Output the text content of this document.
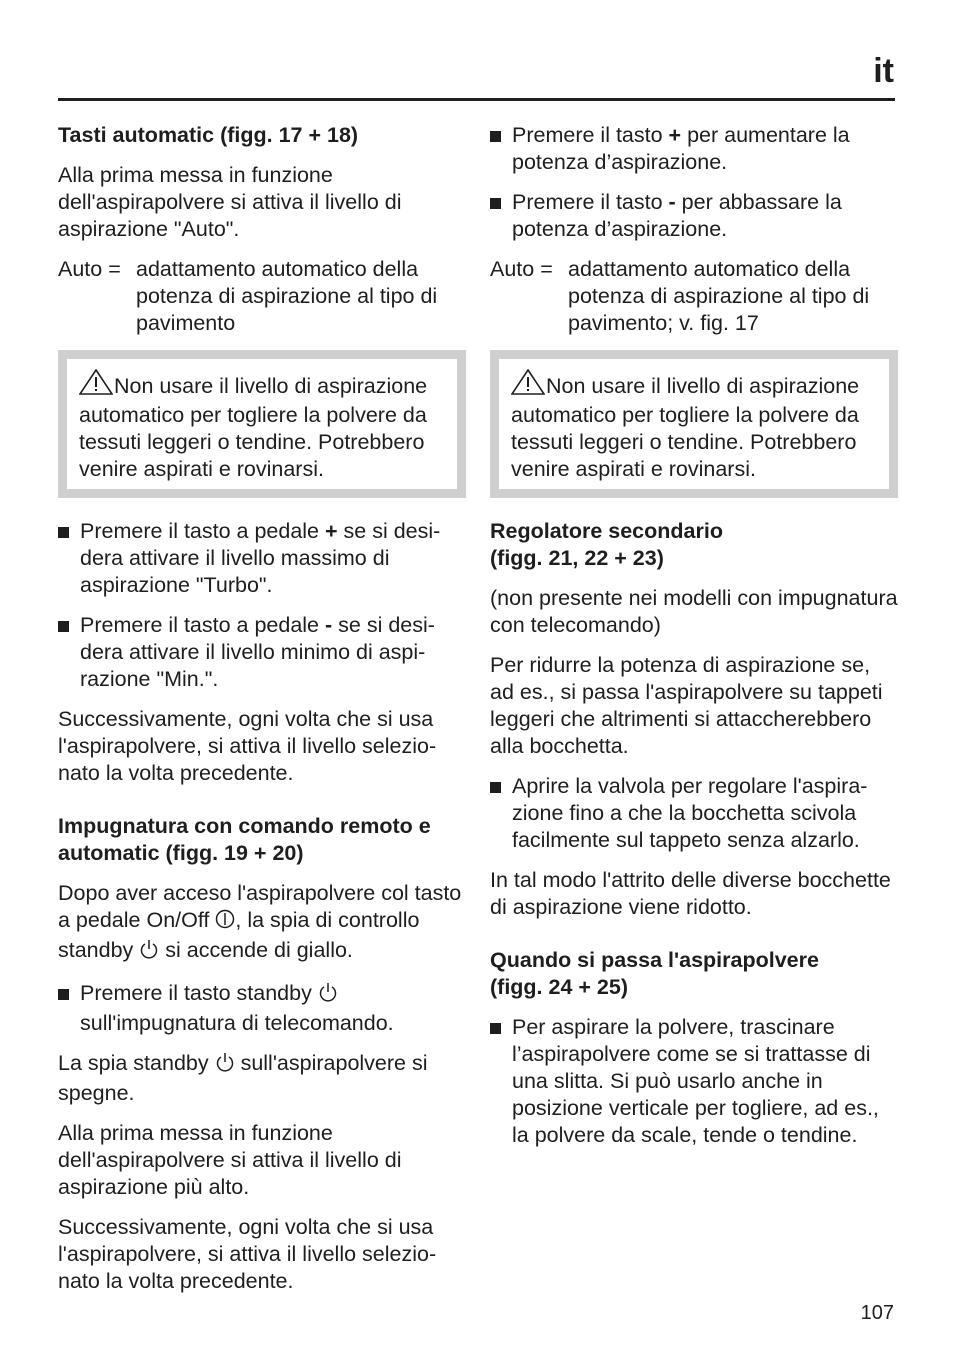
it
Tasti automatic (figg. 17 + 18)

Alla prima messa in funzione dell'aspirapolvere si attiva il livello di aspirazione "Auto".

Auto = adattamento automatico della potenza di aspirazione al tipo di pavimento
Non usare il livello di aspirazione automatico per togliere la polvere da tessuti leggeri o tendine. Potrebbero venire aspirati e rovinarsi.
Premere il tasto a pedale + se si desidera attivare il livello massimo di aspirazione "Turbo".
Premere il tasto a pedale - se si desidera attivare il livello minimo di aspirazione "Min.".

Successivamente, ogni volta che si usa l'aspirapolvere, si attiva il livello selezionato la volta precedente.

Impugnatura con comando remoto e automatic (figg. 19 + 20)

Dopo aver acceso l'aspirapolvere col tasto a pedale On/Off , la spia di controllo standby  si accende di giallo.

Premere il tasto standby  sull'impugnatura di telecomando.

La spia standby  sull'aspirapolvere si spegne.

Alla prima messa in funzione dell'aspirapolvere si attiva il livello di aspirazione più alto.

Successivamente, ogni volta che si usa l'aspirapolvere, si attiva il livello selezionato la volta precedente.

Premere il tasto + per aumentare la potenza d’aspirazione.
Premere il tasto - per abbassare la potenza d’aspirazione.
Auto = adattamento automatico della potenza di aspirazione al tipo di pavimento; v. fig. 17
Non usare il livello di aspirazione automatico per togliere la polvere da tessuti leggeri o tendine. Potrebbero venire aspirati e rovinarsi.
Regolatore secondario
(figg. 21, 22 + 23)

(non presente nei modelli con impugnatura con telecomando)

Per ridurre la potenza di aspirazione se, ad es., si passa l'aspirapolvere su tappeti leggeri che altrimenti si attaccherebbero alla bocchetta.

Aprire la valvola per regolare l'aspirazione fino a che la bocchetta scivola facilmente sul tappeto senza alzarlo.

In tal modo l'attrito delle diverse bocchette di aspirazione viene ridotto.

Quando si passa l'aspirapolvere
(figg. 24 + 25)
Per aspirare la polvere, trascinare l’aspirapolvere come se si trattasse di una slitta. Si può usarlo anche in posizione verticale per togliere, ad es., la polvere da scale, tende o tendine.
107
